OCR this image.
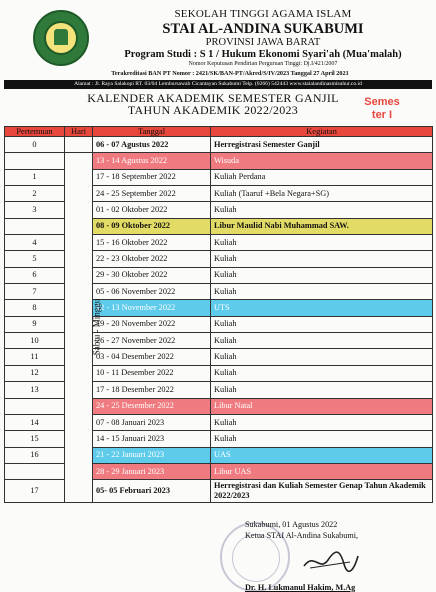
SEKOLAH TINGGI AGAMA ISLAM
STAI AL-ANDINA SUKABUMI
PROVINSI JAWA BARAT
Program Studi : S 1 / Hukum Ekonomi Syari'ah (Mua'malah)
Nomor Keputusan Pendirian Perguruan Tinggi: Dj.I/421/2007
Terakreditasi BAN PT Nomor : 2421/SK/BAN-PT/Akred/S/IV/2023 Tanggal 27 April 2021
Alamat : Jl. Raya Salakopi RT. 03/04 Lembursawah Cicantayan Sukabumi Telp. (0266) 542443 www.staialandinasmisuhur.co.id
KALENDER AKADEMIK SEMESTER GANJIL
TAHUN AKADEMIK 2022/2023
Semes
ter I
Pertemuan	Hari	Tanggal	Kegiatan
0		06 - 07 Agustus 2022	Herregistrasi Semester Ganjil
	Sabtu - Minggu	13 - 14 Agustus 2022	Wisuda
1		17 - 18 September 2022	Kuliah Perdana
2		24 - 25 September 2022	Kuliah (Taaruf +Bela Negara+SG)
3		01 - 02 Oktober 2022	Kuliah
		08 - 09 Oktober 2022	Libur Maulid Nabi Muhammad SAW.
4		15 - 16 Oktober 2022	Kuliah
5		22 - 23 Oktober 2022	Kuliah
6		29 - 30 Oktober 2022	Kuliah
7		05 - 06 November 2022	Kuliah
8		12 - 13 November 2022	UTS
9		19 - 20 November 2022	Kuliah
10		26 - 27 November 2022	Kuliah
11		03 - 04 Desember 2022	Kuliah
12		10 - 11 Desember 2022	Kuliah
13		17 - 18 Desember 2022	Kuliah
		24 - 25 Desember 2022	Libur Natal
14		07 - 08 Januari 2023	Kuliah
15		14 - 15 Januari 2023	Kuliah
16		21 - 22 Januari 2023	UAS
		28 - 29 Januari 2023	Libur UAS
17		05- 05 Februari 2023	Herregistrasi dan Kuliah Semester Genap Tahun Akademik 2022/2023
Sukabumi, 01 Agustus 2022
Ketua STAI Al-Andina Sukabumi,
Dr. H. Lukmanul Hakim, M.Ag
